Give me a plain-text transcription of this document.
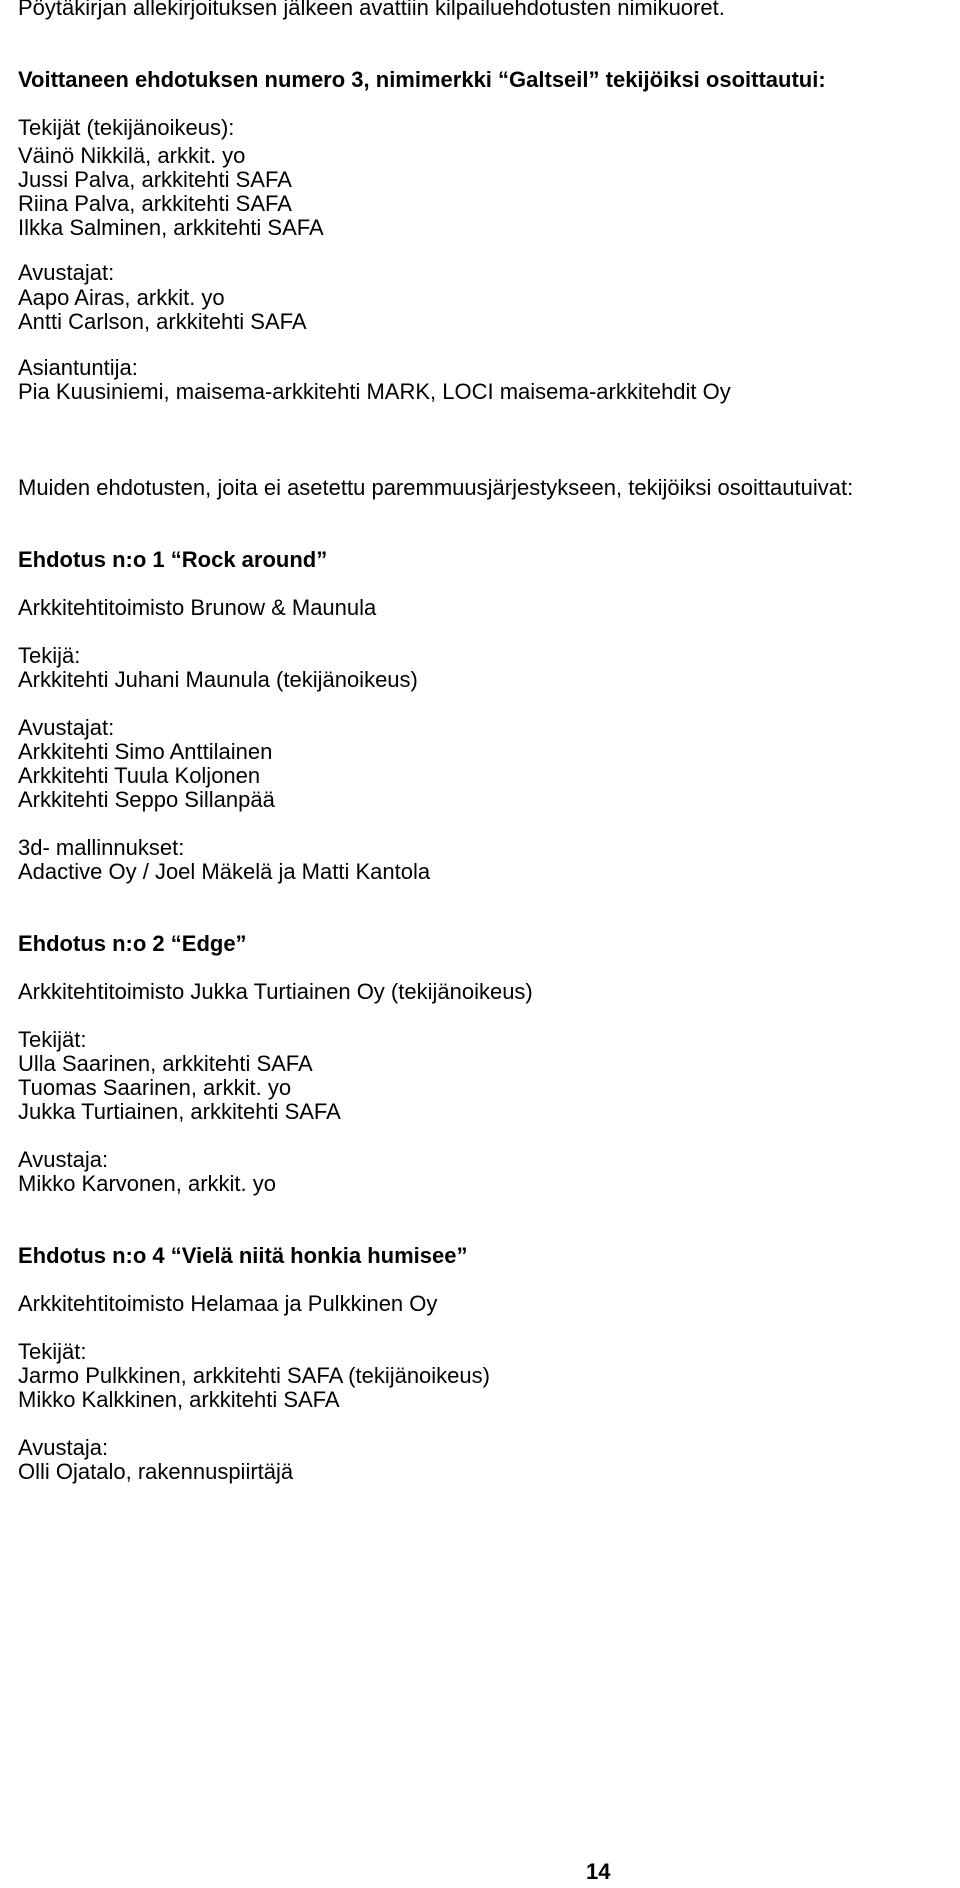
Pöytäkirjan allekirjoituksen jälkeen avattiin kilpailuehdotusten nimikuoret.
Voittaneen ehdotuksen numero 3, nimimerkki “Galtseil” tekijöiksi osoittautui:
Tekijät (tekijänoikeus):
Väinö Nikkilä, arkkit. yo
Jussi Palva, arkkitehti SAFA
Riina Palva, arkkitehti SAFA
Ilkka Salminen, arkkitehti SAFA
Avustajat:
Aapo Airas, arkkit. yo
Antti Carlson, arkkitehti SAFA
Asiantuntija:
Pia Kuusiniemi, maisema-arkkitehti MARK, LOCI maisema-arkkitehdit Oy
Muiden ehdotusten, joita ei asetettu paremmuusjärjestykseen, tekijöiksi osoittautuivat:
Ehdotus n:o 1 “Rock around”
Arkkitehtitoimisto Brunow & Maunula
Tekijä:
Arkkitehti Juhani Maunula (tekijänoikeus)
Avustajat:
Arkkitehti Simo Anttilainen
Arkkitehti Tuula Koljonen
Arkkitehti Seppo Sillanpää
3d- mallinnukset:
Adactive Oy / Joel Mäkelä ja Matti Kantola
Ehdotus n:o 2 “Edge”
Arkkitehtitoimisto Jukka Turtiainen Oy (tekijänoikeus)
Tekijät:
Ulla Saarinen, arkkitehti SAFA
Tuomas Saarinen, arkkit. yo
Jukka Turtiainen, arkkitehti SAFA
Avustaja:
Mikko Karvonen, arkkit. yo
Ehdotus n:o 4 “Vielä niitä honkia humisee”
Arkkitehtitoimisto Helamaa ja Pulkkinen Oy
Tekijät:
Jarmo Pulkkinen, arkkitehti SAFA (tekijänoikeus)
Mikko Kalkkinen, arkkitehti SAFA
Avustaja:
Olli Ojatalo, rakennuspiirtäjä
14
